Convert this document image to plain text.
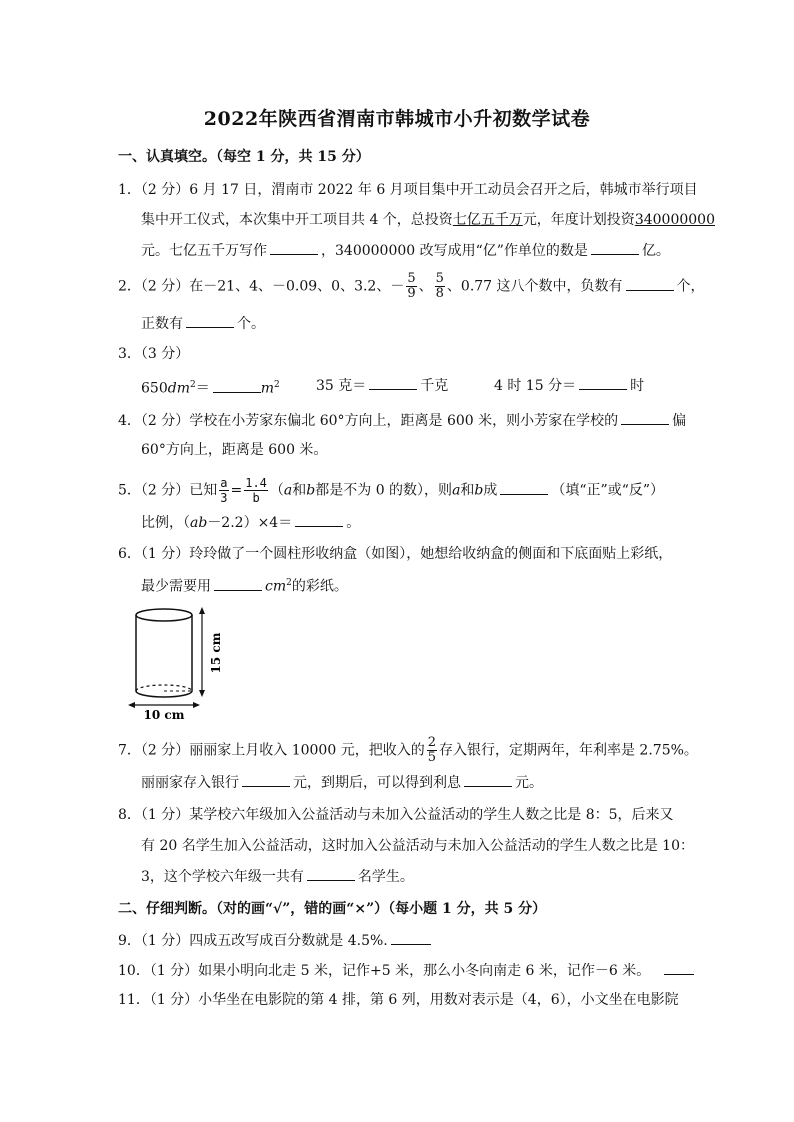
2022年陕西省渭南市韩城市小升初数学试卷
一、认真填空。（每空 1 分，共 15 分）
1．（2 分）6 月 17 日，渭南市 2022 年 6 月项目集中开工动员会召开之后，韩城市举行项目
集中开工仪式，本次集中开工项目共 4 个，总投资七亿五千万元，年度计划投资340000000
元。七亿五千万写作	，340000000 改写成用“亿”作单位的数是	亿。
2．（2 分）在－21、4、－0.09、0、3.2、－ $\frac{5}{9}$ 、 $\frac{5}{8}$ 、0.77 这八个数中，负数有	个，
正数有	个。
3．（3 分）
$650dm^2=$	$m^2$	35 克＝	千克	4 时 15 分＝	时
4．（2 分）学校在小芳家东偏北 60°方向上，距离是 600 米，则小芳家在学校的	偏
60°方向上，距离是 600 米。
5．（2 分）已知 $\frac{a}{3} = \frac{1.4}{b} (a$和b都是不为 0 的数），则a和b成	（填“正”或“反”）
比例，（ab－2.2）×4＝	。
6．（1 分）玲玲做了一个圆柱形收纳盒（如图），她想给收纳盒的侧面和下底面贴上彩纸，
最少需要用	$cm^2$的彩纸。
15 cm
10 cm
7．（2 分）丽丽家上月收入 10000 元，把收入的 $\frac{2}{5}$ 存入银行，定期两年，年利率是 2.75%。
丽丽家存入银行	元，到期后，可以得到利息	元。
8．（1 分）某学校六年级加入公益活动与未加入公益活动的学生人数之比是 8：5，后来又
有 20 名学生加入公益活动，这时加入公益活动与未加入公益活动的学生人数之比是 10：
3，这个学校六年级一共有	名学生。
二、仔细判断。（对的画“√”，错的画“×”）（每小题 1 分，共 5 分）
9．（1 分）四成五改写成百分数就是 4.5%.
10．（1 分）如果小明向北走 5 米，记作+5 米，那么小冬向南走 6 米，记作－6 米。
11．（1 分）小华坐在电影院的第 4 排，第 6 列，用数对表示是（4，6），小文坐在电影院
